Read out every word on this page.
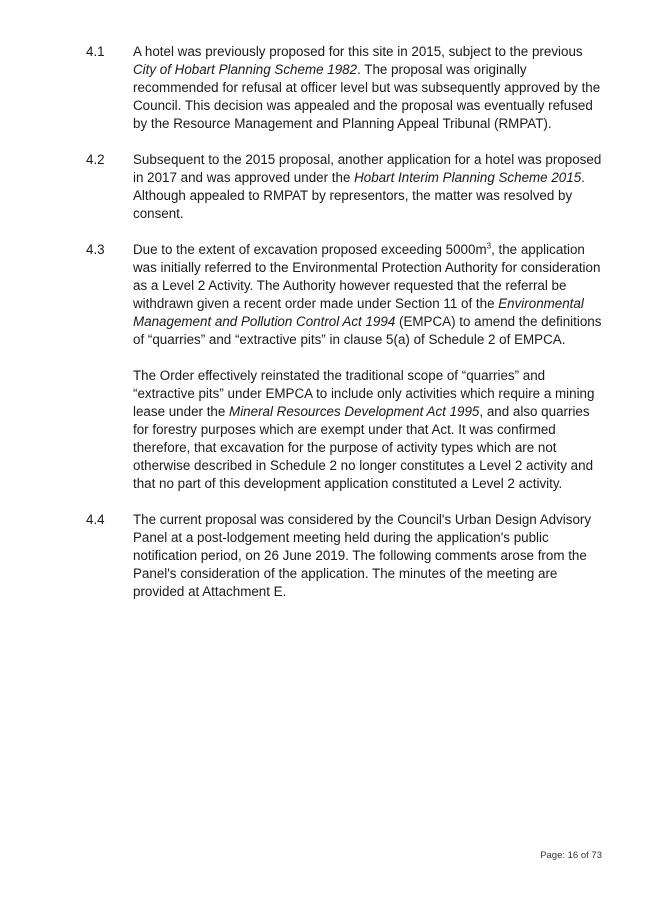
4.1 A hotel was previously proposed for this site in 2015, subject to the previous City of Hobart Planning Scheme 1982. The proposal was originally recommended for refusal at officer level but was subsequently approved by the Council. This decision was appealed and the proposal was eventually refused by the Resource Management and Planning Appeal Tribunal (RMPAT).

4.2 Subsequent to the 2015 proposal, another application for a hotel was proposed in 2017 and was approved under the Hobart Interim Planning Scheme 2015. Although appealed to RMPAT by representors, the matter was resolved by consent.

4.3 Due to the extent of excavation proposed exceeding $5000m^3$, the application was initially referred to the Environmental Protection Authority for consideration as a Level 2 Activity. The Authority however requested that the referral be withdrawn given a recent order made under Section 11 of the Environmental Management and Pollution Control Act 1994 (EMPCA) to amend the definitions of “quarries” and “extractive pits” in clause 5(a) of Schedule 2 of EMPCA.

The Order effectively reinstated the traditional scope of “quarries” and “extractive pits” under EMPCA to include only activities which require a mining lease under the Mineral Resources Development Act 1995, and also quarries for forestry purposes which are exempt under that Act. It was confirmed therefore, that excavation for the purpose of activity types which are not otherwise described in Schedule 2 no longer constitutes a Level 2 activity and that no part of this development application constituted a Level 2 activity.

4.4 The current proposal was considered by the Council's Urban Design Advisory Panel at a post-lodgement meeting held during the application's public notification period, on 26 June 2019. The following comments arose from the Panel's consideration of the application. The minutes of the meeting are provided at Attachment E.

Page: 16 of 73
